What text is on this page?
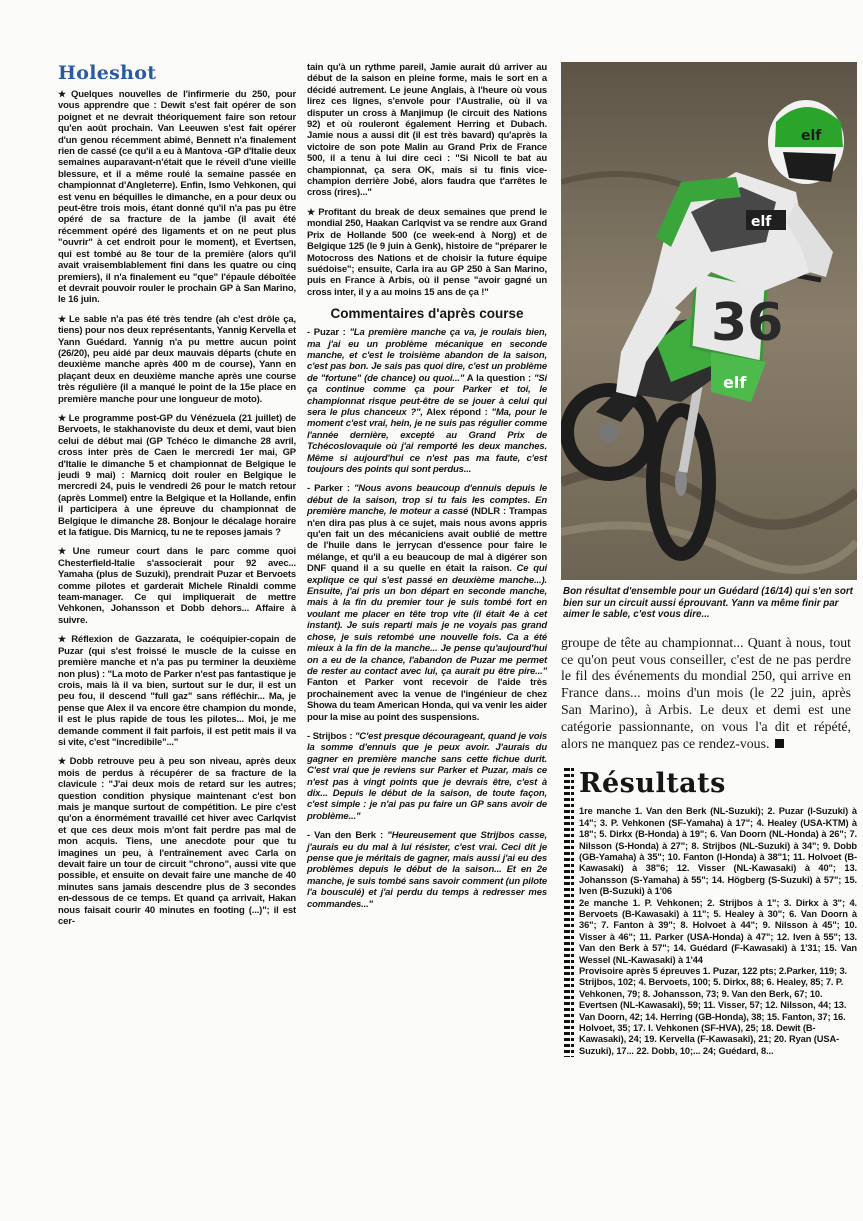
Holeshot

★ Quelques nouvelles de l'infirmerie du 250, pour vous apprendre que : Dewit s'est fait opérer de son poignet et ne devrait théoriquement faire son retour qu'en août prochain. Van Leeuwen s'est fait opérer d'un genou récemment abîmé, Bennett n'a finalement rien de cassé (ce qu'il a eu à Mantova -GP d'Italie deux semaines auparavant-n'était que le réveil d'une vieille blessure, et il a même roulé la semaine passée en championnat d'Angleterre). Enfin, Ismo Vehkonen, qui est venu en béquilles le dimanche, en a pour deux ou peut-être trois mois, étant donné qu'il n'a pas pu être opéré de sa fracture de la jambe (il avait été récemment opéré des ligaments et on ne peut plus "ouvrir" à cet endroit pour le moment), et Evertsen, qui est tombé au 8e tour de la première (alors qu'il avait vraisemblablement fini dans les quatre ou cinq premiers), il n'a finalement eu "que" l'épaule déboîtée et devrait pouvoir rouler le prochain GP à San Marino, le 16 juin.

★ Le sable n'a pas été très tendre (ah c'est drôle ça, tiens) pour nos deux représentants, Yannig Kervella et Yann Guédard. Yannig n'a pu mettre aucun point (26/20), peu aidé par deux mauvais départs (chute en deuxième manche après 400 m de course), Yann en plaçant deux en deuxième manche après une course très régulière (il a manqué le point de la 15e place en première manche pour une longueur de moto).

★ Le programme post-GP du Vénézuela (21 juillet) de Bervoets, le stakhanoviste du deux et demi, vaut bien celui de début mai (GP Tchéco le dimanche 28 avril, cross inter près de Caen le mercredi 1er mai, GP d'Italie le dimanche 5 et championnat de Belgique le jeudi 9 mai) : Marnicq doit rouler en Belgique le mercredi 24, puis le vendredi 26 pour le match retour (après Lommel) entre la Belgique et la Hollande, enfin il participera à une épreuve du championnat de Belgique le dimanche 28. Bonjour le décalage horaire et la fatigue. Dis Marnicq, tu ne te reposes jamais ?

★ Une rumeur court dans le parc comme quoi Chesterfield-Italie s'associerait pour 92 avec... Yamaha (plus de Suzuki), prendrait Puzar et Bervoets comme pilotes et garderait Michele Rinaldi comme team-manager. Ce qui impliquerait de mettre Vehkonen, Johansson et Dobb dehors... Affaire à suivre.

★ Réflexion de Gazzarata, le coéquipier-copain de Puzar (qui s'est froissé le muscle de la cuisse en première manche et n'a pas pu terminer la deuxième non plus) : "La moto de Parker n'est pas fantastique je crois, mais là il va bien, surtout sur le dur, il est un peu fou, il descend "full gaz" sans réfléchir... Ma, je pense que Alex il va encore être champion du monde, il est le plus rapide de tous les pilotes... Moi, je me demande comment il fait parfois, il est petit mais il va si vite, c'est "incredibile"..."

★ Dobb retrouve peu à peu son niveau, après deux mois de perdus à récupérer de sa fracture de la clavicule : "J'ai deux mois de retard sur les autres; question condition physique maintenant c'est bon mais je manque surtout de compétition. Le pire c'est qu'on a énormément travaillé cet hiver avec Carlqvist et que ces deux mois m'ont fait perdre pas mal de mon acquis. Tiens, une anecdote pour que tu imagines un peu, à l'entraînement avec Carla on devait faire un tour de circuit "chrono", aussi vite que possible, et ensuite on devait faire une manche de 40 minutes sans jamais descendre plus de 3 secondes en-dessous de ce temps. Et quand ça arrivait, Hakan nous faisait courir 40 minutes en footing (...)"; il est cer-

tain qu'à un rythme pareil, Jamie aurait dû arriver au début de la saison en pleine forme, mais le sort en a décidé autrement. Le jeune Anglais, à l'heure où vous lirez ces lignes, s'envole pour l'Australie, où il va disputer un cross à Manjimup (le circuit des Nations 92) et où rouleront également Herring et Dubach. Jamie nous a aussi dit (il est très bavard) qu'après la victoire de son pote Malin au Grand Prix de France 500, il a tenu à lui dire ceci : "Si Nicoll te bat au championnat, ça sera OK, mais si tu finis vice-champion derrière Jobé, alors faudra que t'arrêtes le cross (rires)..."

★ Profitant du break de deux semaines que prend le mondial 250, Haakan Carlqvist va se rendre aux Grand Prix de Hollande 500 (ce week-end à Norg) et de Belgique 125 (le 9 juin à Genk), histoire de "préparer le Motocross des Nations et de choisir la future équipe suédoise"; ensuite, Carla ira au GP 250 à San Marino, puis en France à Arbis, où il pense "avoir gagné un cross inter, il y a au moins 15 ans de ça !"

Commentaires d'après course

- Puzar : "La première manche ça va, je roulais bien, ma j'ai eu un problème mécanique en seconde manche, et c'est le troisième abandon de la saison, c'est pas bon. Je sais pas quoi dire, c'est un problème de "fortune" (de chance) ou quoi..." A la question : "Si ça continue comme ça pour Parker et toi, le championnat risque peut-être de se jouer à celui qui sera le plus chanceux ?", Alex répond : "Ma, pour le moment c'est vrai, hein, je ne suis pas régulier comme l'année dernière, excepté au Grand Prix de Tchécoslovaquie où j'ai remporté les deux manches. Même si aujourd'hui ce n'est pas ma faute, c'est toujours des points qui sont perdus...

- Parker : "Nous avons beaucoup d'ennuis depuis le début de la saison, trop si tu fais les comptes. En première manche, le moteur a cassé (NDLR : Trampas n'en dira pas plus à ce sujet, mais nous avons appris qu'en fait un des mécaniciens avait oublié de mettre de l'huile dans le jerrycan d'essence pour faire le mélange, et qu'il a eu beaucoup de mal à digérer son DNF quand il a su quelle en était la raison. Ce qui explique ce qui s'est passé en deuxième manche...). Ensuite, j'ai pris un bon départ en seconde manche, mais à la fin du premier tour je suis tombé fort en voulant me placer en tête trop vite (il était 4e à cet instant). Je suis reparti mais je ne voyais pas grand chose, je suis retombé une nouvelle fois. Ca a été mieux à la fin de la manche... Je pense qu'aujourd'hui on a eu de la chance, l'abandon de Puzar me permet de rester au contact avec lui, ça aurait pu être pire..." Fanton et Parker vont recevoir de l'aide très prochainement avec la venue de l'ingénieur de chez Showa du team American Honda, qui va venir les aider pour la mise au point des suspensions.

- Strijbos : "C'est presque décourageant, quand je vois la somme d'ennuis que je peux avoir. J'aurais du gagner en première manche sans cette fichue durit. C'est vrai que je reviens sur Parker et Puzar, mais ce n'est pas à vingt points que je devrais être, c'est à dix... Depuis le début de la saison, de toute façon, c'est simple : je n'ai pas pu faire un GP sans avoir de problème..."

- Van den Berk : "Heureusement que Strijbos casse, j'aurais eu du mal à lui résister, c'est vrai. Ceci dit je pense que je méritais de gagner, mais aussi j'ai eu des problèmes depuis le début de la saison... Et en 2e manche, je suis tombé sans savoir comment (un pilote l'a bousculé) et j'ai perdu du temps à redresser mes commandes..."

36
elf
elf
elf

Bon résultat d'ensemble pour un Guédard (16/14) qui s'en sort bien sur un circuit aussi éprouvant. Yann va même finir par aimer le sable, c'est vous dire...

groupe de tête au championnat... Quant à nous, tout ce qu'on peut vous conseiller, c'est de ne pas perdre le fil des événements du mondial 250, qui arrive en France dans... moins d'un mois (le 22 juin, après San Marino), à Arbis. Le deux et demi est une catégorie passionnante, on vous l'a dit et répété, alors ne manquez pas ce rendez-vous.

Résultats

1re manche 1. Van den Berk (NL-Suzuki); 2. Puzar (I-Suzuki) à 14"; 3. P. Vehkonen (SF-Yamaha) à 17"; 4. Healey (USA-KTM) à 18"; 5. Dirkx (B-Honda) à 19"; 6. Van Doorn (NL-Honda) à 26"; 7. Nilsson (S-Honda) à 27"; 8. Strijbos (NL-Suzuki) à 34"; 9. Dobb (GB-Yamaha) à 35"; 10. Fanton (I-Honda) à 38"1; 11. Holvoet (B-Kawasaki) à 38"6; 12. Visser (NL-Kawasaki) à 40"; 13. Johansson (S-Yamaha) à 55"; 14. Högberg (S-Suzuki) à 57"; 15. Iven (B-Suzuki) à 1'06

2e manche 1. P. Vehkonen; 2. Strijbos à 1"; 3. Dirkx à 3"; 4. Bervoets (B-Kawasaki) à 11"; 5. Healey à 30"; 6. Van Doorn à 36"; 7. Fanton à 39"; 8. Holvoet à 44"; 9. Nilsson à 45"; 10. Visser à 46"; 11. Parker (USA-Honda) à 47"; 12. Iven à 55"; 13. Van den Berk à 57"; 14. Guédard (F-Kawasaki) à 1'31; 15. Van Wessel (NL-Kawasaki) à 1'44

Provisoire après 5 épreuves 1. Puzar, 122 pts; 2.Parker, 119; 3. Strijbos, 102; 4. Bervoets, 100; 5. Dirkx, 88; 6. Healey, 85; 7. P. Vehkonen, 79; 8. Johansson, 73; 9. Van den Berk, 67; 10. Evertsen (NL-Kawasaki), 59; 11. Visser, 57; 12. Nilsson, 44; 13. Van Doorn, 42; 14. Herring (GB-Honda), 38; 15. Fanton, 37; 16. Holvoet, 35; 17. I. Vehkonen (SF-HVA), 25; 18. Dewit (B-Kawasaki), 24; 19. Kervella (F-Kawasaki), 21; 20. Ryan (USA-Suzuki), 17... 22. Dobb, 10;... 24; Guédard, 8...
